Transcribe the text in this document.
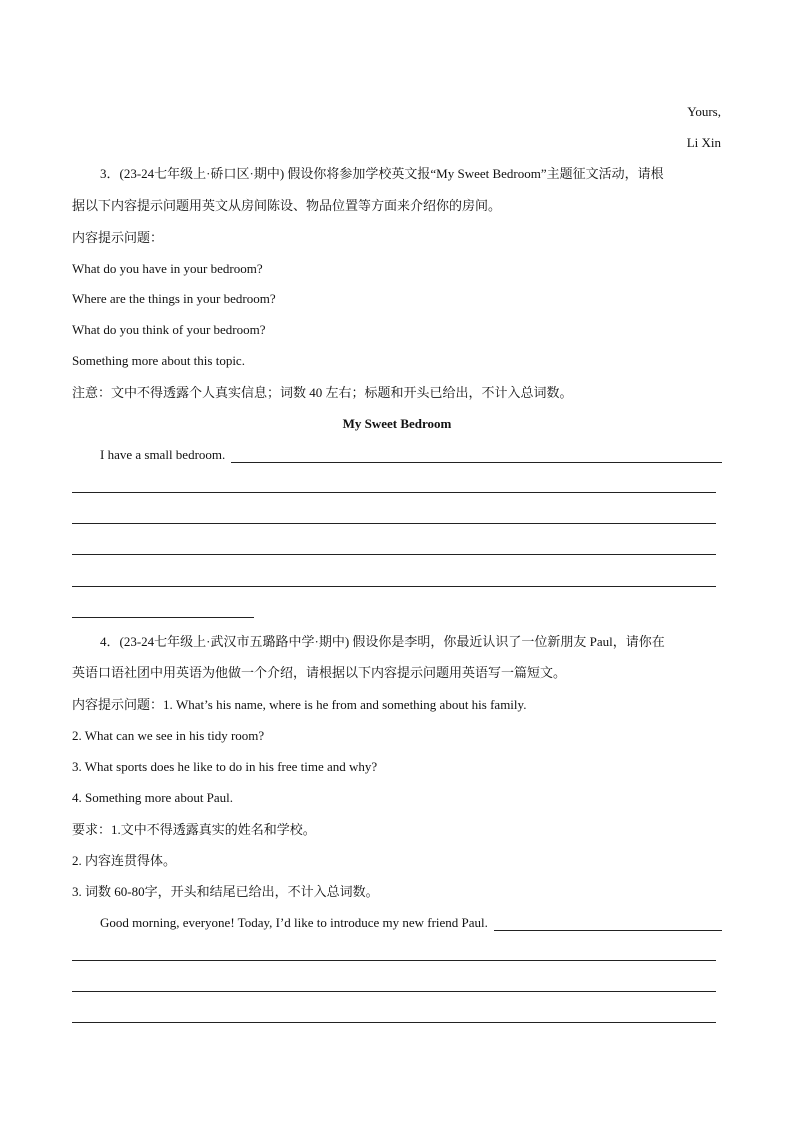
Yours,
Li Xin
3．(23-24七年级上·硚口区·期中) 假设你将参加学校英文报“My Sweet Bedroom”主题征文活动，请根
据以下内容提示问题用英文从房间陈设、物品位置等方面来介绍你的房间。
内容提示问题：
What do you have in your bedroom?
Where are the things in your bedroom?
What do you think of your bedroom?
Something more about this topic.
注意：文中不得透露个人真实信息；词数 40 左右；标题和开头已给出，不计入总词数。
My Sweet Bedroom
I have a small bedroom.
4．(23-24七年级上·武汉市五璐路中学·期中) 假设你是李明，你最近认识了一位新朋友 Paul，请你在
英语口语社团中用英语为他做一个介绍，请根据以下内容提示问题用英语写一篇短文。
内容提示问题：1. What’s his name, where is he from and something about his family.
2. What can we see in his tidy room?
3. What sports does he like to do in his free time and why?
4. Something more about Paul.
要求：1.文中不得透露真实的姓名和学校。
2. 内容连贯得体。
3. 词数 60-80字，开头和结尾已给出，不计入总词数。
Good morning, everyone! Today, I’d like to introduce my new friend Paul.
